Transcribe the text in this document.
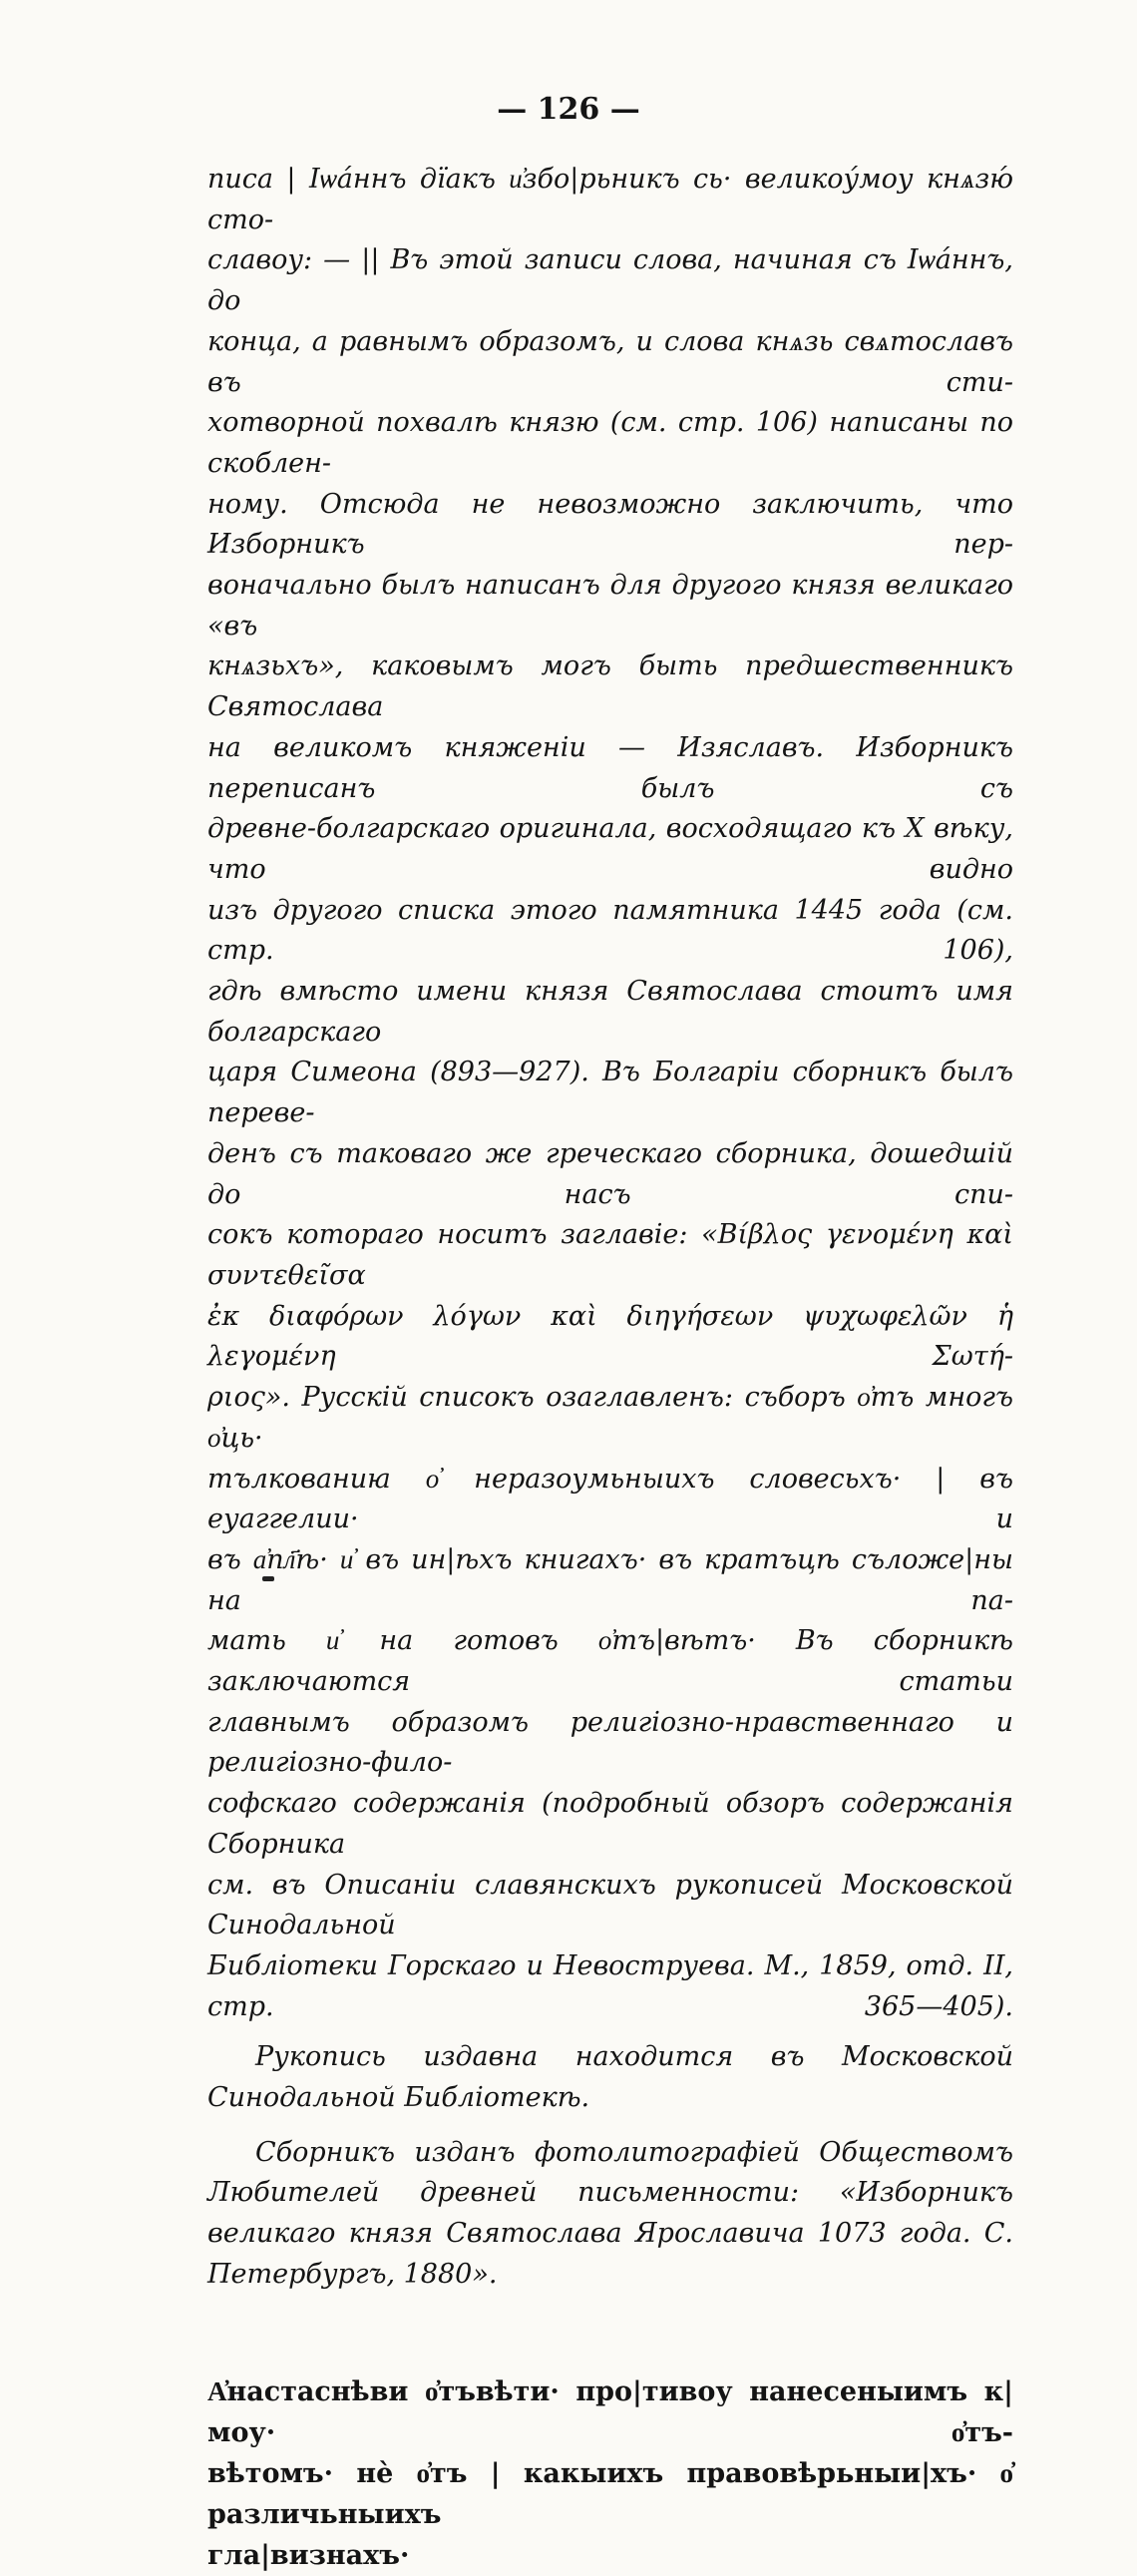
— 126 —

писа | Іѡа́ннъ дїакъ и҆збо|рьникъ сь· великоу́моу кнѧзю́ сто-
славоу: — || Въ этой записи слова, начиная съ Іѡа́ннъ, до
конца, а равнымъ образомъ, и слова кнѧзь свѧтославъ въ сти-
хотворной похвалѣ князю (см. стр. 106) написаны по скоблен-
ному. Отсюда не невозможно заключить, что Изборникъ пер-
воначально былъ написанъ для другого князя великаго «въ
кнѧзьхъ», каковымъ могъ быть предшественникъ Святослава
на великомъ княженіи — Изяславъ. Изборникъ переписанъ былъ съ
древне-болгарскаго оригинала, восходящаго къ X вѣку, что видно
изъ другого списка этого памятника 1445 года (см. стр. 106),
гдѣ вмѣсто имени князя Святослава стоитъ имя болгарскаго
царя Симеона (893—927). Въ Болгаріи сборникъ былъ переве-
денъ съ таковаго же греческаго сборника, дошедшій до насъ спи-
сокъ котораго носитъ заглавіе: «Βίβλος γενομένη καὶ συντεθεῖσα
ἐκ διαφόρων λόγων καὶ διηγήσεων ψυχωφελῶν ἡ λεγομένη Σωτή-
ριος». Русскій списокъ озаглавленъ: съборъ о҆тъ многъ о҆ць·
тълкованиꙗ о҆ неразоумьныихъ словесьхъ· | въ еуаггелии· и
въ а҆пл҃ѣ· и҆ въ ин|ѣхъ книгахъ· въ кратъцѣ съложе|ны на па-
мать и҆ на готовъ о҆тъ|вѣтъ· Въ сборникѣ заключаются статьи
главнымъ образомъ религіозно-нравственнаго и религіозно-фило-
софскаго содержанія (подробный обзоръ содержанія Сборника
см. въ Описаніи славянскихъ рукописей Московской Синодальной
Библіотеки Горскаго и Невоструева. М., 1859, отд. II,
стр. 365—405).

Рукопись издавна находится въ Московской Синодальной Библіотекѣ.

Сборникъ изданъ фотолитографіей Обществомъ Любителей древней письменности: «Изборникъ великаго князя Святослава Ярославича 1073 года. С. Петербургъ, 1880».

А҆настаснѣви о҆тъвѣти· про|тивоу нанесеныимъ к|моу· о҆тъ-
вѣтомъ· нѐ о҆тъ | какыихъ правовѣрьныи|хъ· о҆ различьныихъ
гла|визнахъ·
